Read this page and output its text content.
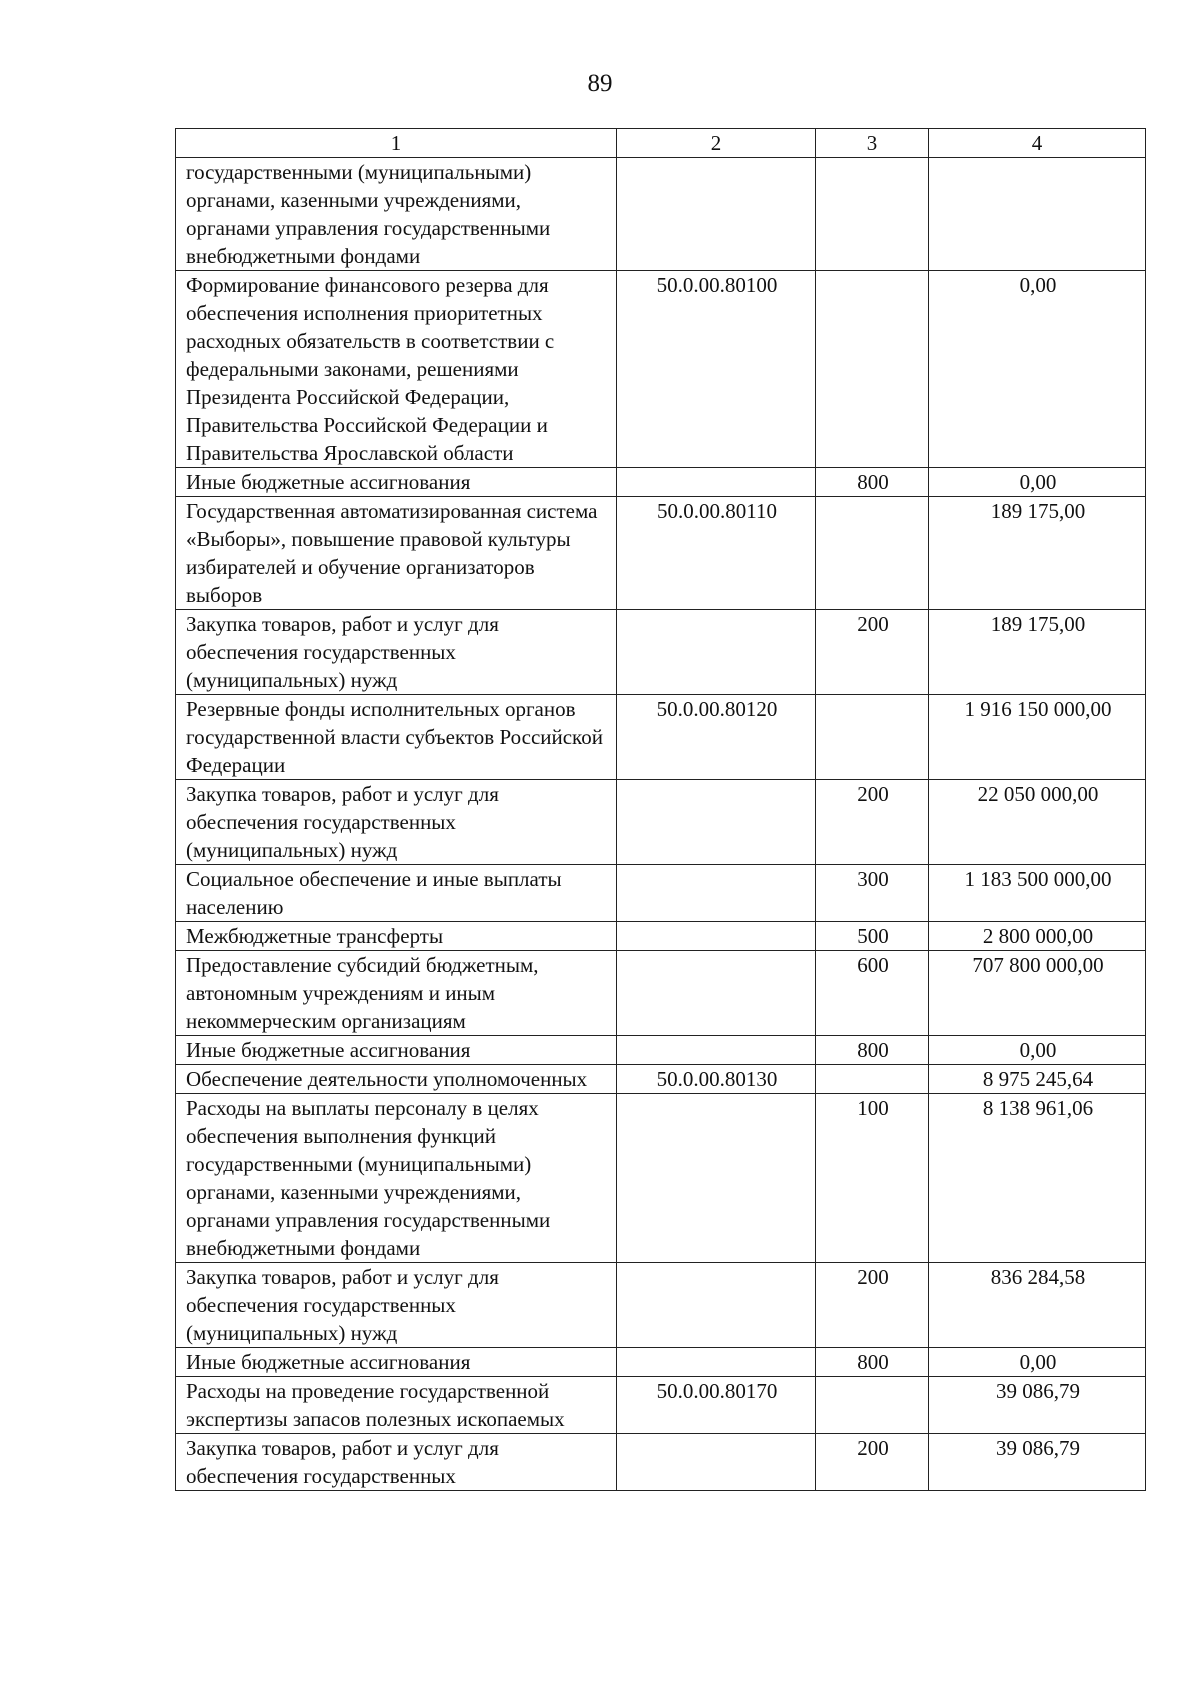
89
1	2	3	4
государственными (муниципальными) органами, казенными учреждениями, органами управления государственными внебюджетными фондами			
Формирование финансового резерва для обеспечения исполнения приоритетных расходных обязательств в соответствии с федеральными законами, решениями Президента Российской Федерации, Правительства Российской Федерации и Правительства Ярославской области	50.0.00.80100		0,00
Иные бюджетные ассигнования		800	0,00
Государственная автоматизированная система «Выборы», повышение правовой культуры избирателей и обучение организаторов выборов	50.0.00.80110		189 175,00
Закупка товаров, работ и услуг для обеспечения государственных (муниципальных) нужд		200	189 175,00
Резервные фонды исполнительных органов государственной власти субъектов Российской Федерации	50.0.00.80120		1 916 150 000,00
Закупка товаров, работ и услуг для обеспечения государственных (муниципальных) нужд		200	22 050 000,00
Социальное обеспечение и иные выплаты населению		300	1 183 500 000,00
Межбюджетные трансферты		500	2 800 000,00
Предоставление субсидий бюджетным, автономным учреждениям и иным некоммерческим организациям		600	707 800 000,00
Иные бюджетные ассигнования		800	0,00
Обеспечение деятельности уполномоченных	50.0.00.80130		8 975 245,64
Расходы на выплаты персоналу в целях обеспечения выполнения функций государственными (муниципальными) органами, казенными учреждениями, органами управления государственными внебюджетными фондами		100	8 138 961,06
Закупка товаров, работ и услуг для обеспечения государственных (муниципальных) нужд		200	836 284,58
Иные бюджетные ассигнования		800	0,00
Расходы на проведение государственной экспертизы запасов полезных ископаемых	50.0.00.80170		39 086,79
Закупка товаров, работ и услуг для обеспечения государственных		200	39 086,79
